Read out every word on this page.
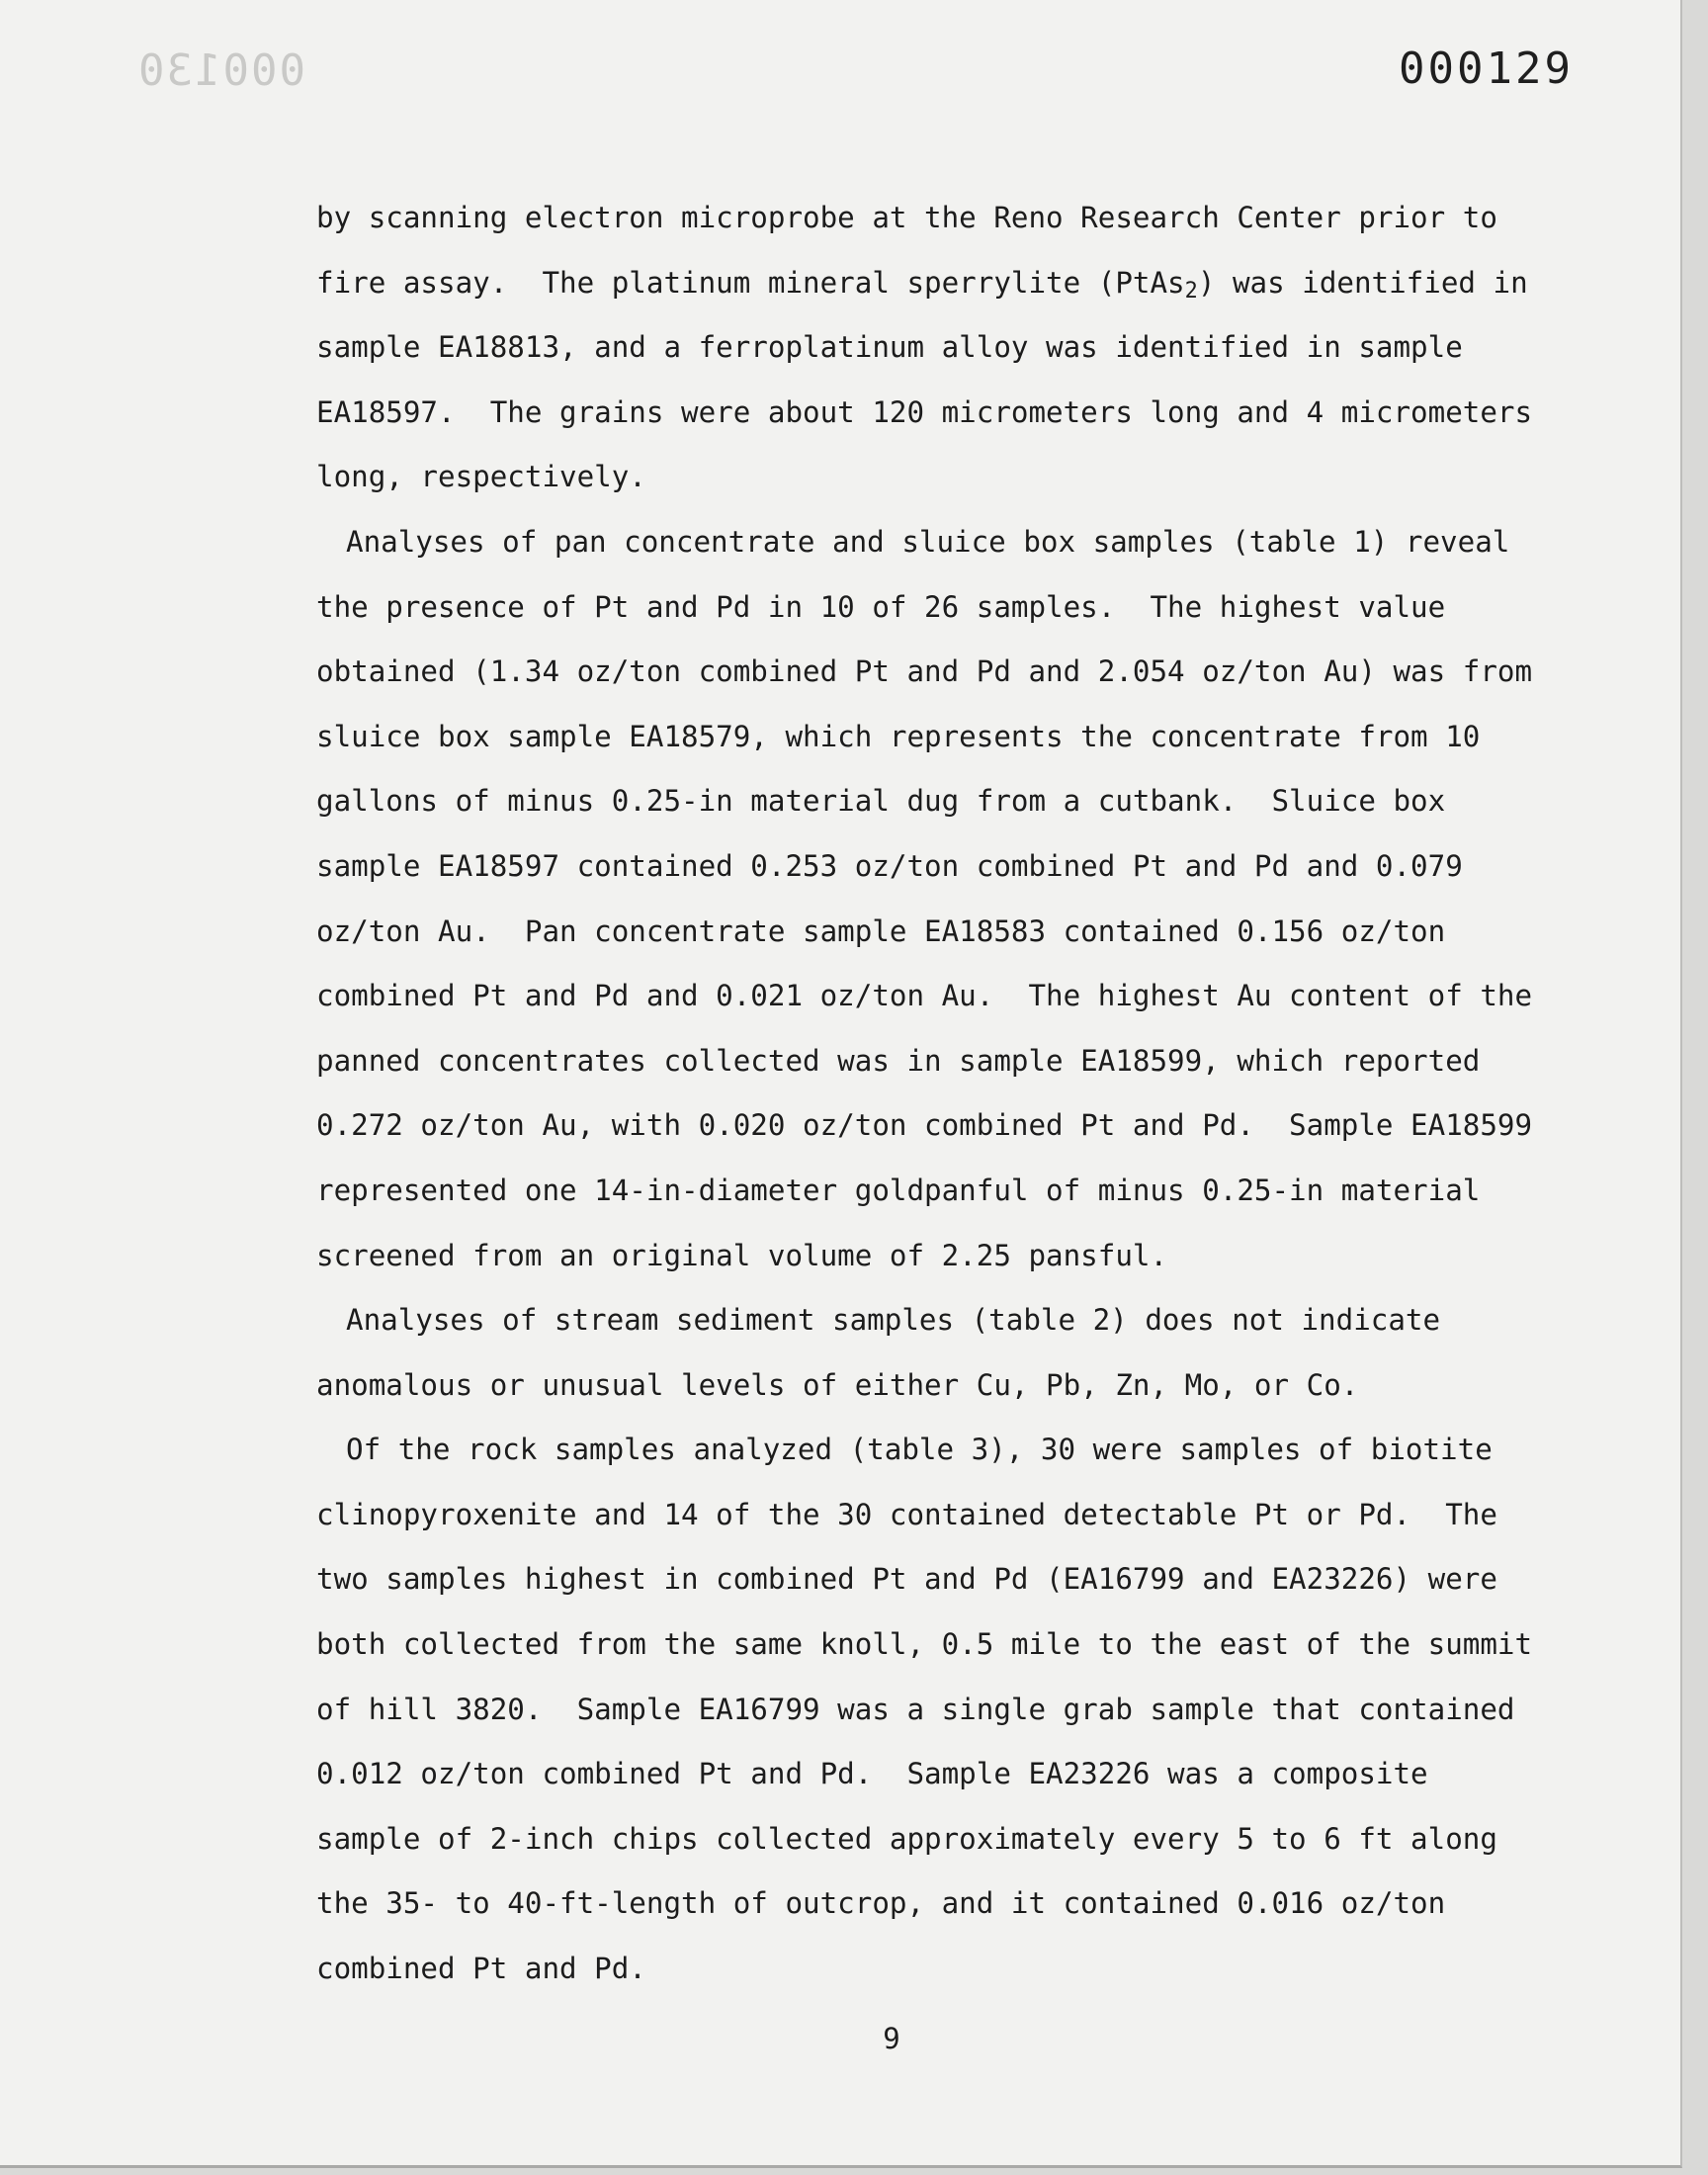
000130	000129
by scanning electron microprobe at the Reno Research Center prior to
fire assay.  The platinum mineral sperrylite (PtAs$_2$) was identified in
sample EA18813, and a ferroplatinum alloy was identified in sample
EA18597.  The grains were about 120 micrometers long and 4 micrometers
long, respectively.
Analyses of pan concentrate and sluice box samples (table 1) reveal
the presence of Pt and Pd in 10 of 26 samples.  The highest value
obtained (1.34 oz/ton combined Pt and Pd and 2.054 oz/ton Au) was from
sluice box sample EA18579, which represents the concentrate from 10
gallons of minus 0.25-in material dug from a cutbank.  Sluice box
sample EA18597 contained 0.253 oz/ton combined Pt and Pd and 0.079
oz/ton Au.  Pan concentrate sample EA18583 contained 0.156 oz/ton
combined Pt and Pd and 0.021 oz/ton Au.  The highest Au content of the
panned concentrates collected was in sample EA18599, which reported
0.272 oz/ton Au, with 0.020 oz/ton combined Pt and Pd.  Sample EA18599
represented one 14-in-diameter goldpanful of minus 0.25-in material
screened from an original volume of 2.25 pansful.
Analyses of stream sediment samples (table 2) does not indicate
anomalous or unusual levels of either Cu, Pb, Zn, Mo, or Co.
Of the rock samples analyzed (table 3), 30 were samples of biotite
clinopyroxenite and 14 of the 30 contained detectable Pt or Pd.  The
two samples highest in combined Pt and Pd (EA16799 and EA23226) were
both collected from the same knoll, 0.5 mile to the east of the summit
of hill 3820.  Sample EA16799 was a single grab sample that contained
0.012 oz/ton combined Pt and Pd.  Sample EA23226 was a composite
sample of 2-inch chips collected approximately every 5 to 6 ft along
the 35- to 40-ft-length of outcrop, and it contained 0.016 oz/ton
combined Pt and Pd.
9
